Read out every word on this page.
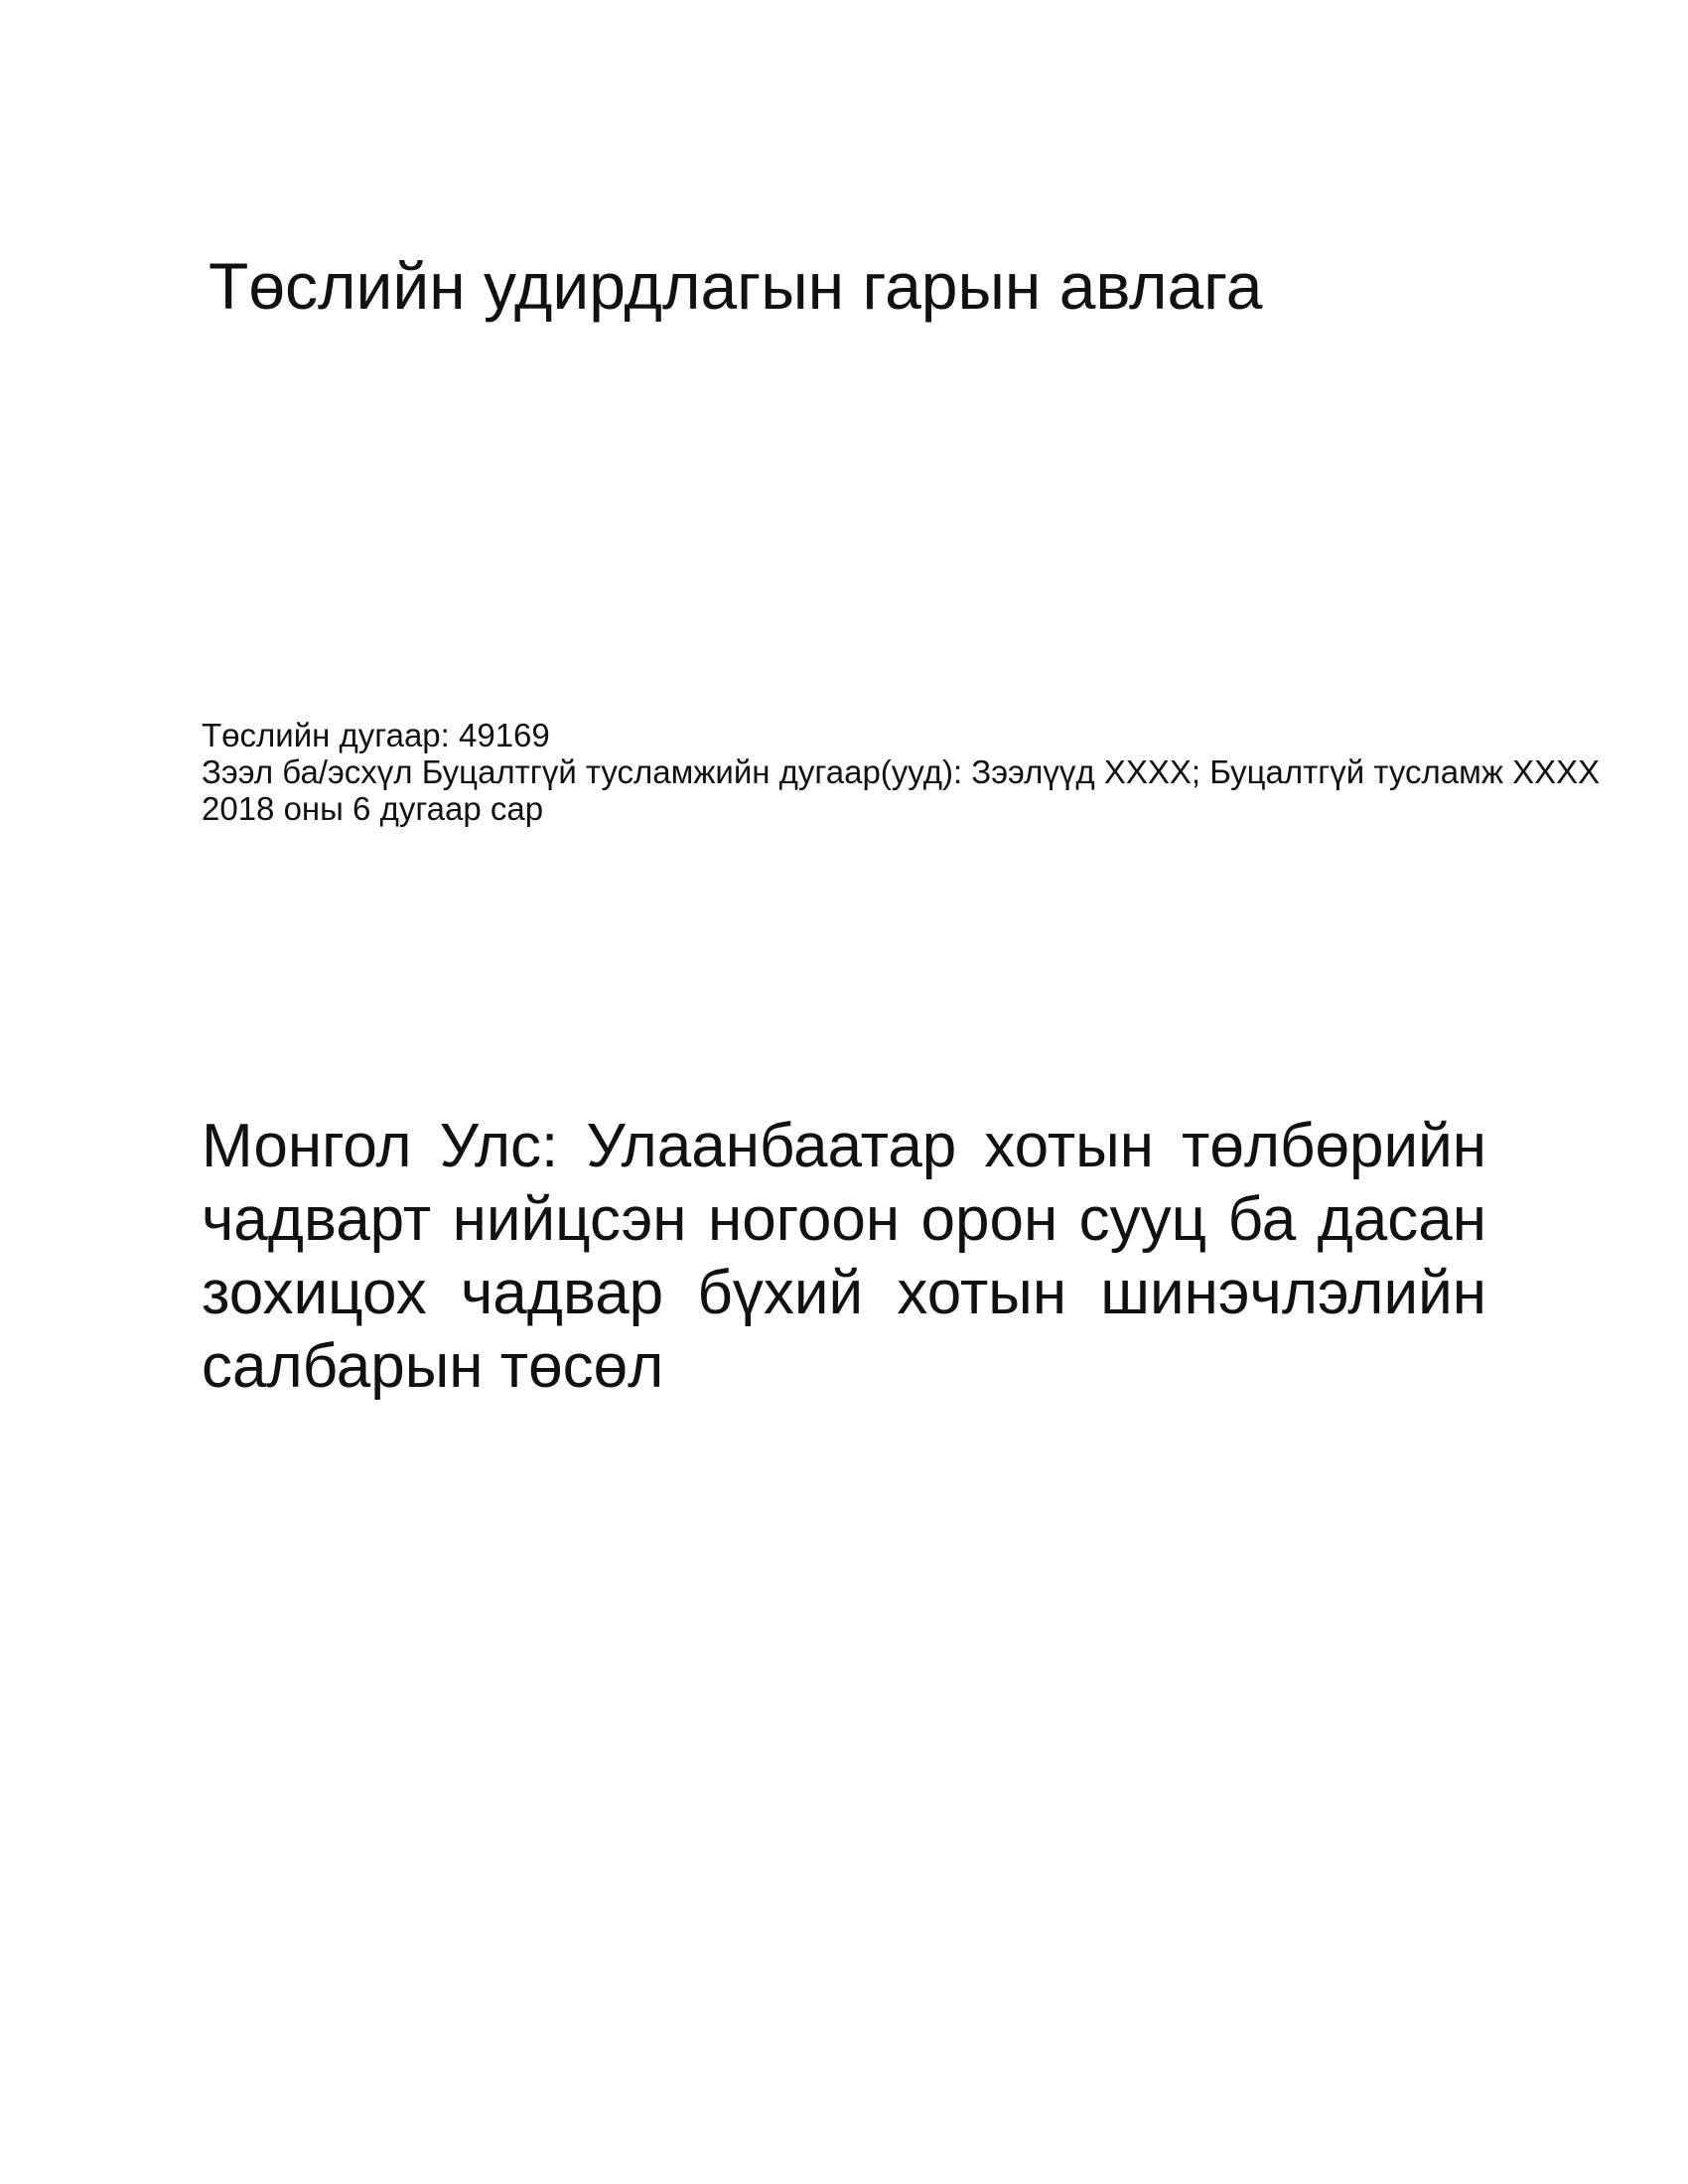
Төслийн удирдлагын гарын авлага
Төслийн дугаар: 49169
Зээл ба/эсхүл Буцалтгүй тусламжийн дугаар(ууд): Зээлүүд XXXX; Буцалтгүй тусламж XXXX
2018 оны 6 дугаар сар
Монгол Улс: Улаанбаатар хотын төлбөрийн
чадварт нийцсэн ногоон орон сууц ба дасан
зохицох чадвар бүхий хотын шинэчлэлийн
салбарын төсөл
